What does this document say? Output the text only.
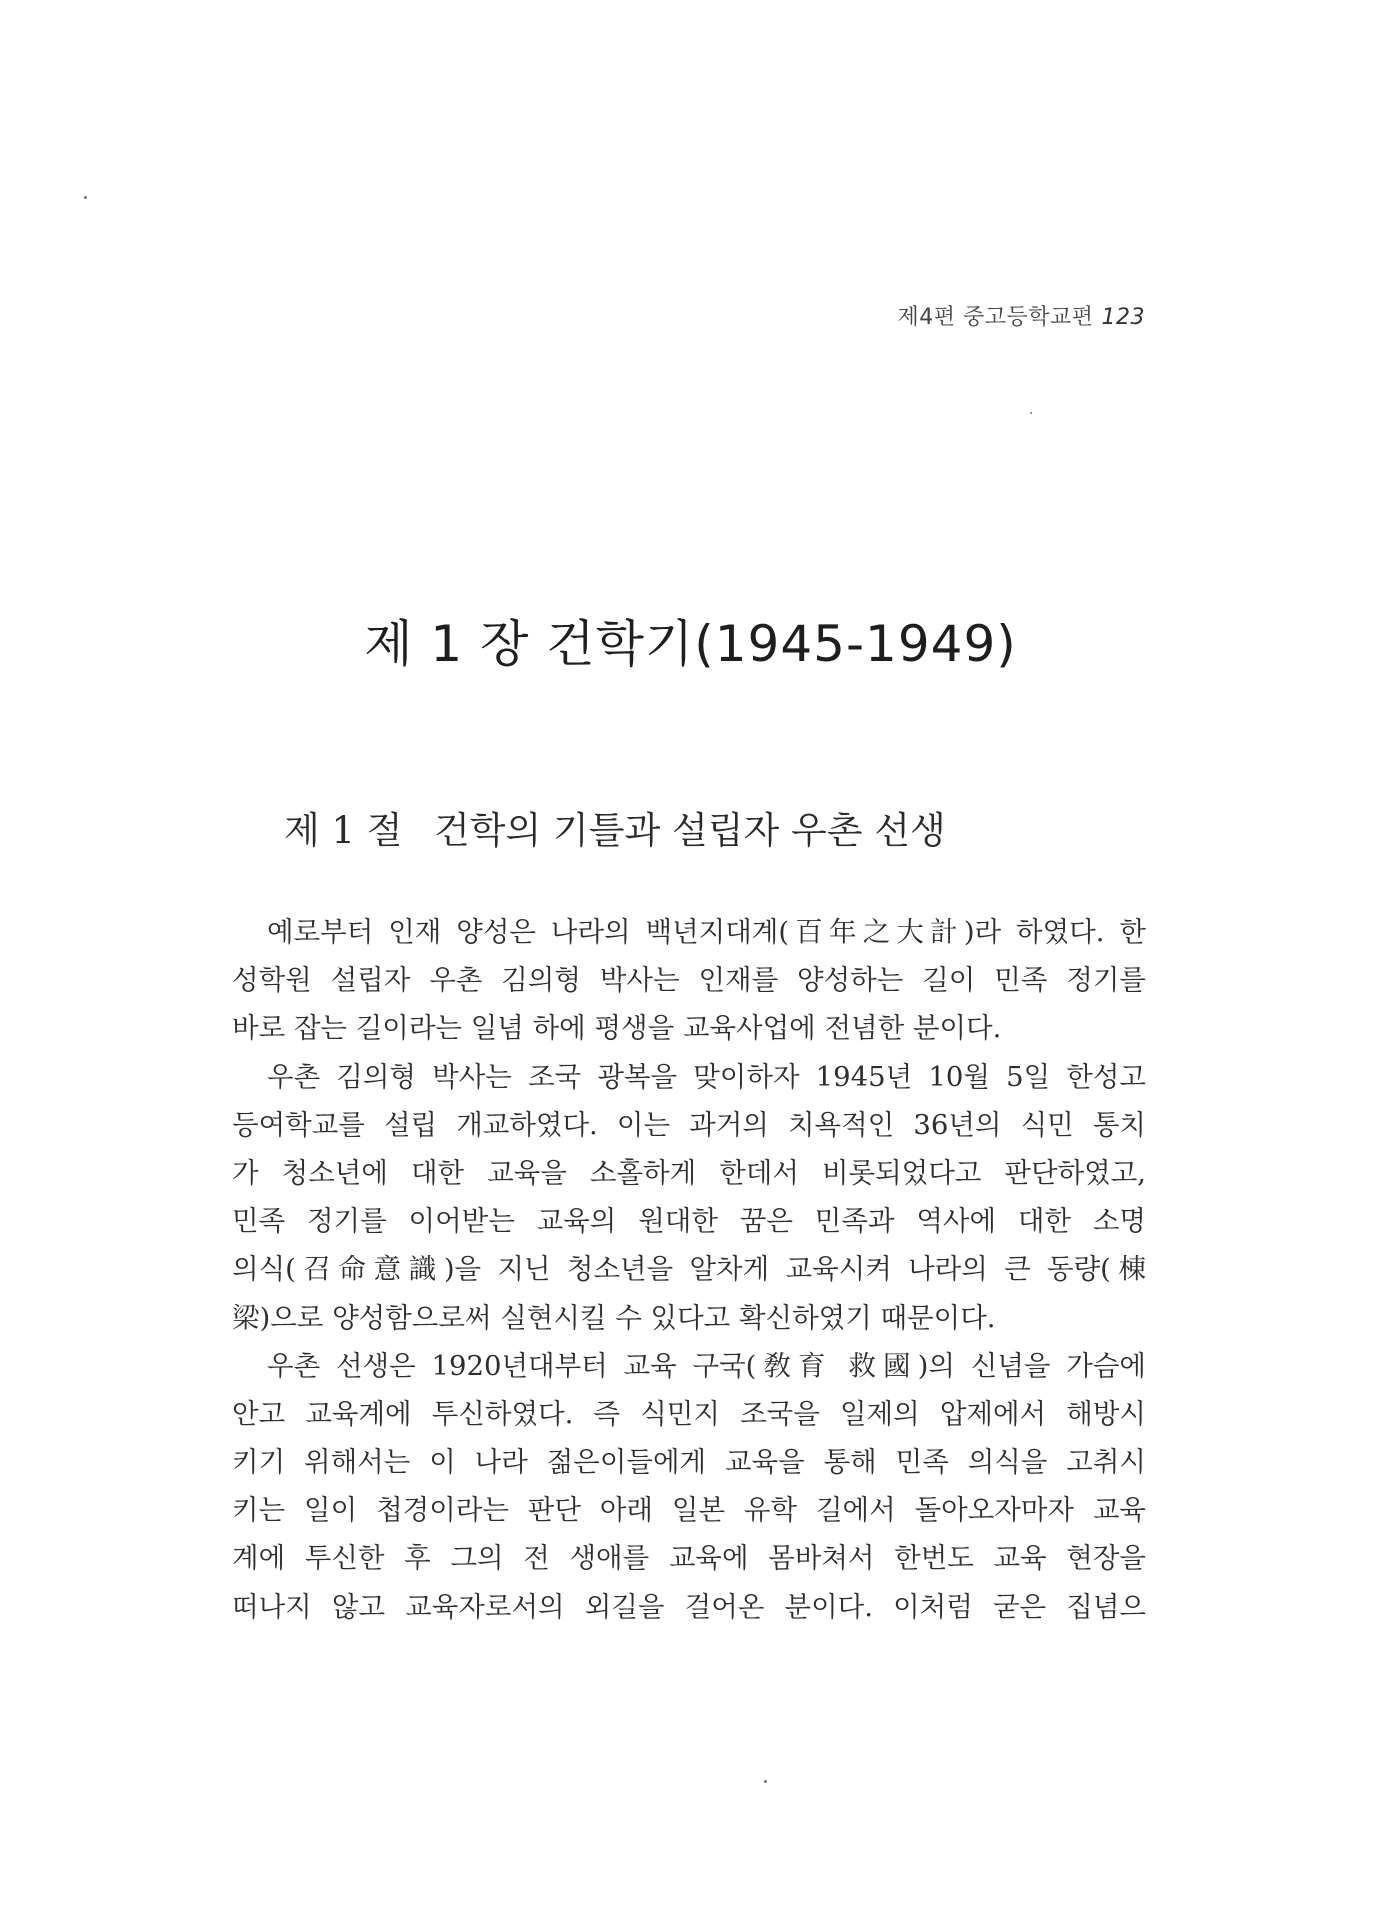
제4편 중고등학교편 123
제 1 장 건학기(1945-1949)
제 1 절 건학의 기틀과 설립자 우촌 선생
예로부터 인재 양성은 나라의 백년지대계(百年之大計)라 하였다. 한
성학원 설립자 우촌 김의형 박사는 인재를 양성하는 길이 민족 정기를
바로 잡는 길이라는 일념 하에 평생을 교육사업에 전념한 분이다.
우촌 김의형 박사는 조국 광복을 맞이하자 1945년 10월 5일 한성고
등여학교를 설립 개교하였다. 이는 과거의 치욕적인 36년의 식민 통치
가 청소년에 대한 교육을 소홀하게 한데서 비롯되었다고 판단하였고,
민족 정기를 이어받는 교육의 원대한 꿈은 민족과 역사에 대한 소명
의식(召命意識)을 지닌 청소년을 알차게 교육시켜 나라의 큰 동량(棟
梁)으로 양성함으로써 실현시킬 수 있다고 확신하였기 때문이다.
우촌 선생은 1920년대부터 교육 구국(敎育 救國)의 신념을 가슴에
안고 교육계에 투신하였다. 즉 식민지 조국을 일제의 압제에서 해방시
키기 위해서는 이 나라 젊은이들에게 교육을 통해 민족 의식을 고취시
키는 일이 첩경이라는 판단 아래 일본 유학 길에서 돌아오자마자 교육
계에 투신한 후 그의 전 생애를 교육에 몸바쳐서 한번도 교육 현장을
떠나지 않고 교육자로서의 외길을 걸어온 분이다. 이처럼 굳은 집념으
